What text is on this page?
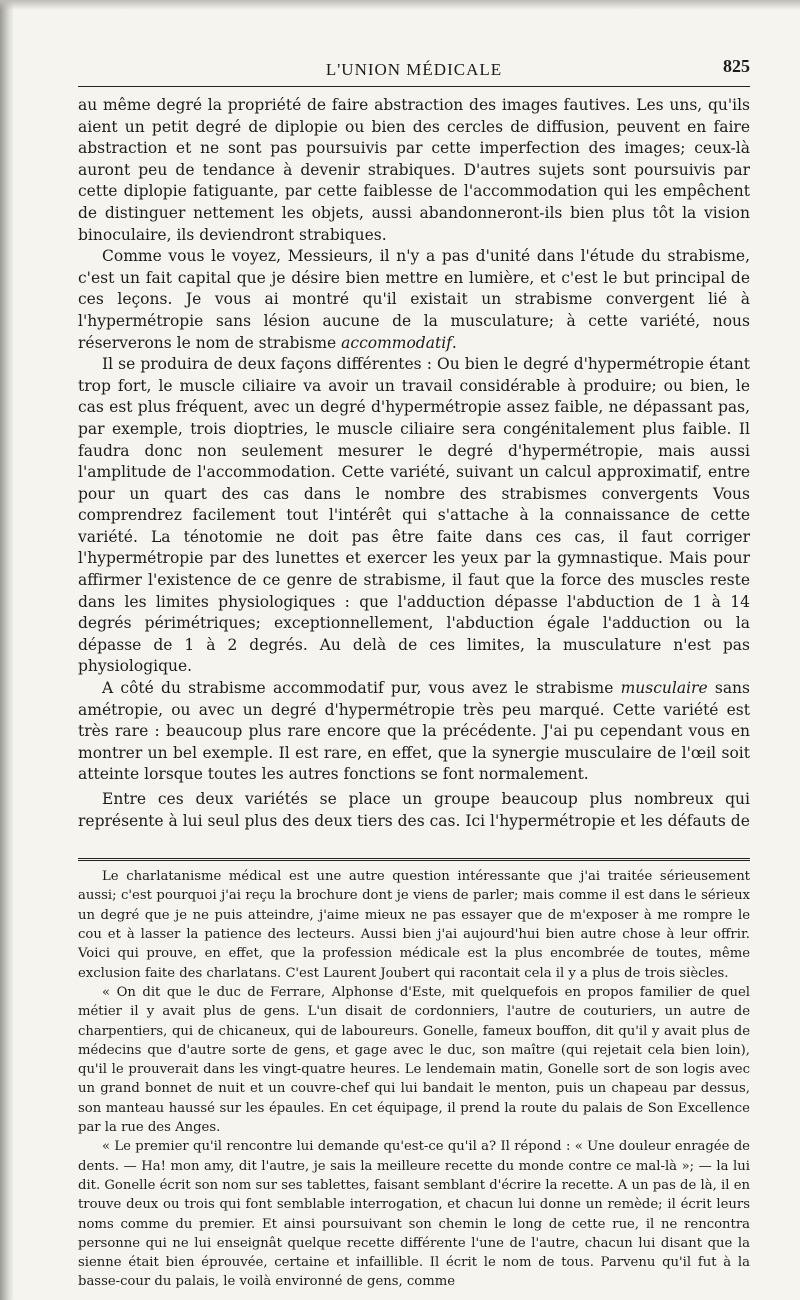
L'UNION MÉDICALE	825

au même degré la propriété de faire abstraction des images fautives. Les uns, qu'ils aient un petit degré de diplopie ou bien des cercles de diffusion, peuvent en faire abstraction et ne sont pas poursuivis par cette imperfection des images; ceux-là auront peu de tendance à devenir strabiques. D'autres sujets sont poursuivis par cette diplopie fatiguante, par cette faiblesse de l'accommodation qui les empêchent de distinguer nettement les objets, aussi abandonneront-ils bien plus tôt la vision binoculaire, ils deviendront strabiques.

Comme vous le voyez, Messieurs, il n'y a pas d'unité dans l'étude du strabisme, c'est un fait capital que je désire bien mettre en lumière, et c'est le but principal de ces leçons. Je vous ai montré qu'il existait un strabisme convergent lié à l'hypermétropie sans lésion aucune de la musculature; à cette variété, nous réserverons le nom de strabisme accommodatif.

Il se produira de deux façons différentes : Ou bien le degré d'hypermétropie étant trop fort, le muscle ciliaire va avoir un travail considérable à produire; ou bien, le cas est plus fréquent, avec un degré d'hypermétropie assez faible, ne dépassant pas, par exemple, trois dioptries, le muscle ciliaire sera congénitalement plus faible. Il faudra donc non seulement mesurer le degré d'hypermétropie, mais aussi l'amplitude de l'accommodation. Cette variété, suivant un calcul approximatif, entre pour un quart des cas dans le nombre des strabismes convergents Vous comprendrez facilement tout l'intérêt qui s'attache à la connaissance de cette variété. La ténotomie ne doit pas être faite dans ces cas, il faut corriger l'hypermétropie par des lunettes et exercer les yeux par la gymnastique. Mais pour affirmer l'existence de ce genre de strabisme, il faut que la force des muscles reste dans les limites physiologiques : que l'adduction dépasse l'abduction de 1 à 14 degrés périmétriques; exceptionnellement, l'abduction égale l'adduction ou la dépasse de 1 à 2 degrés. Au delà de ces limites, la musculature n'est pas physiologique.

A côté du strabisme accommodatif pur, vous avez le strabisme musculaire sans amétropie, ou avec un degré d'hypermétropie très peu marqué. Cette variété est très rare : beaucoup plus rare encore que la précédente. J'ai pu cependant vous en montrer un bel exemple. Il est rare, en effet, que la synergie musculaire de l'œil soit atteinte lorsque toutes les autres fonctions se font normalement.

Entre ces deux variétés se place un groupe beaucoup plus nombreux qui représente à lui seul plus des deux tiers des cas. Ici l'hypermétropie et les défauts de

Le charlatanisme médical est une autre question intéressante que j'ai traitée sérieusement aussi; c'est pourquoi j'ai reçu la brochure dont je viens de parler; mais comme il est dans le sérieux un degré que je ne puis atteindre, j'aime mieux ne pas essayer que de m'exposer à me rompre le cou et à lasser la patience des lecteurs. Aussi bien j'ai aujourd'hui bien autre chose à leur offrir. Voici qui prouve, en effet, que la profession médicale est la plus encombrée de toutes, même exclusion faite des charlatans. C'est Laurent Joubert qui racontait cela il y a plus de trois siècles.

« On dit que le duc de Ferrare, Alphonse d'Este, mit quelquefois en propos familier de quel métier il y avait plus de gens. L'un disait de cordonniers, l'autre de couturiers, un autre de charpentiers, qui de chicaneux, qui de laboureurs. Gonelle, fameux bouffon, dit qu'il y avait plus de médecins que d'autre sorte de gens, et gage avec le duc, son maître (qui rejetait cela bien loin), qu'il le prouverait dans les vingt-quatre heures. Le lendemain matin, Gonelle sort de son logis avec un grand bonnet de nuit et un couvre-chef qui lui bandait le menton, puis un chapeau par dessus, son manteau haussé sur les épaules. En cet équipage, il prend la route du palais de Son Excellence par la rue des Anges.

« Le premier qu'il rencontre lui demande qu'est-ce qu'il a? Il répond : « Une douleur enragée de dents. — Ha! mon amy, dit l'autre, je sais la meilleure recette du monde contre ce mal-là »; — la lui dit. Gonelle écrit son nom sur ses tablettes, faisant semblant d'écrire la recette. A un pas de là, il en trouve deux ou trois qui font semblable interrogation, et chacun lui donne un remède; il écrit leurs noms comme du premier. Et ainsi poursuivant son chemin le long de cette rue, il ne rencontra personne qui ne lui enseignât quelque recette différente l'une de l'autre, chacun lui disant que la sienne était bien éprouvée, certaine et infaillible. Il écrit le nom de tous. Parvenu qu'il fut à la basse-cour du palais, le voilà environné de gens, comme
